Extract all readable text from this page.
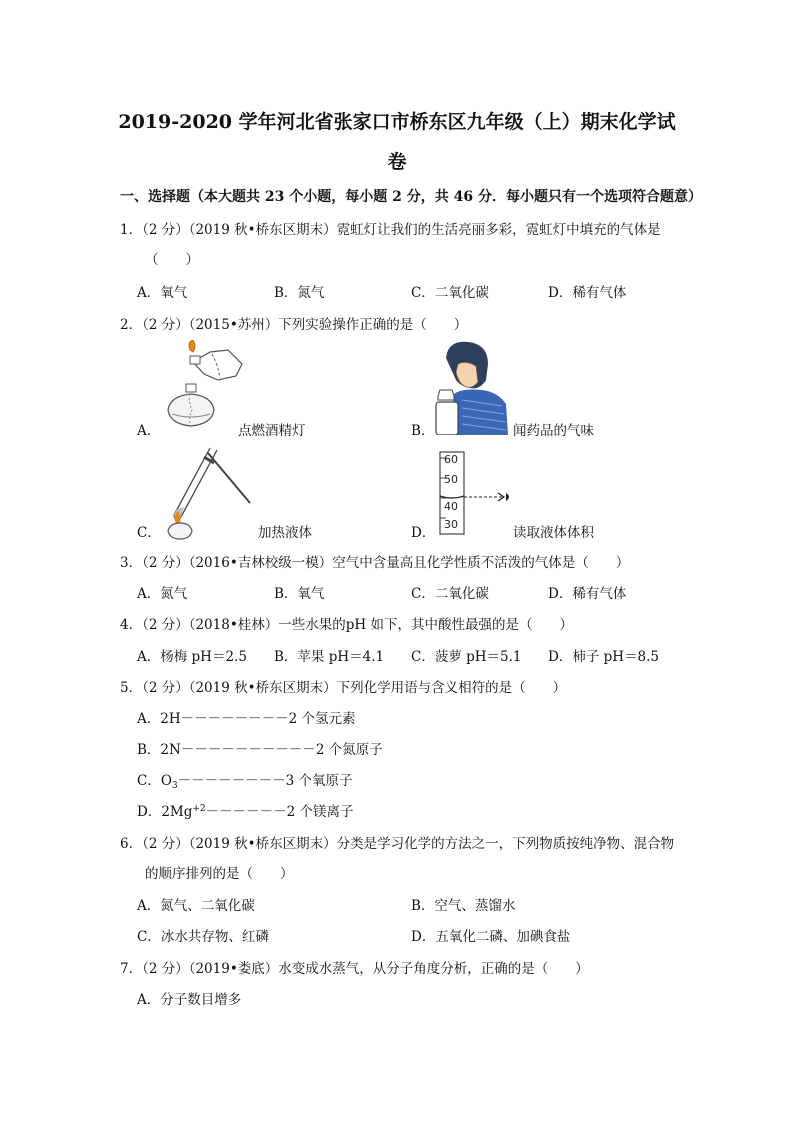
2019-2020 学年河北省张家口市桥东区九年级（上）期末化学试
卷
一、选择题（本大题共 23 个小题，每小题 2 分，共 46 分．每小题只有一个选项符合题意）
1．（2 分）（2019 秋•桥东区期末）霓虹灯让我们的生活亮丽多彩，霓虹灯中填充的气体是
（　　）
A．氧气	B．氮气	C．二氧化碳	D．稀有气体
2．（2 分）（2015•苏州）下列实验操作正确的是（　　）
A．	点燃酒精灯	B．	闻药品的气味
C．	加热液体
60
50
40
30
D．	读取液体体积
3．（2 分）（2016•吉林校级一模）空气中含量高且化学性质不活泼的气体是（　　）
A．氮气	B．氧气	C．二氧化碳	D．稀有气体
4．（2 分）（2018•桂林）一些水果的pH 如下，其中酸性最强的是（　　）
A．杨梅 pH＝2.5 B．苹果 pH＝4.1 C．菠萝 pH＝5.1 D．柿子 pH＝8.5
5．（2 分）（2019 秋•桥东区期末）下列化学用语与含义相符的是（　　）
A．2H－－－－－－－－2 个氢元素
B．2N－－－－－－－－－－2 个氮原子
C．$O_3--------3$ 个氧原子
D．$2Mg^{+2}------2$ 个镁离子
6．（2 分）（2019 秋•桥东区期末）分类是学习化学的方法之一，下列物质按纯净物、混合物
的顺序排列的是（　　）
A．氮气、二氧化碳	B．空气、蒸馏水
C．冰水共存物、红磷	D．五氧化二磷、加碘食盐
7．（2 分）（2019•娄底）水变成水蒸气，从分子角度分析，正确的是（　　）
A．分子数目增多
